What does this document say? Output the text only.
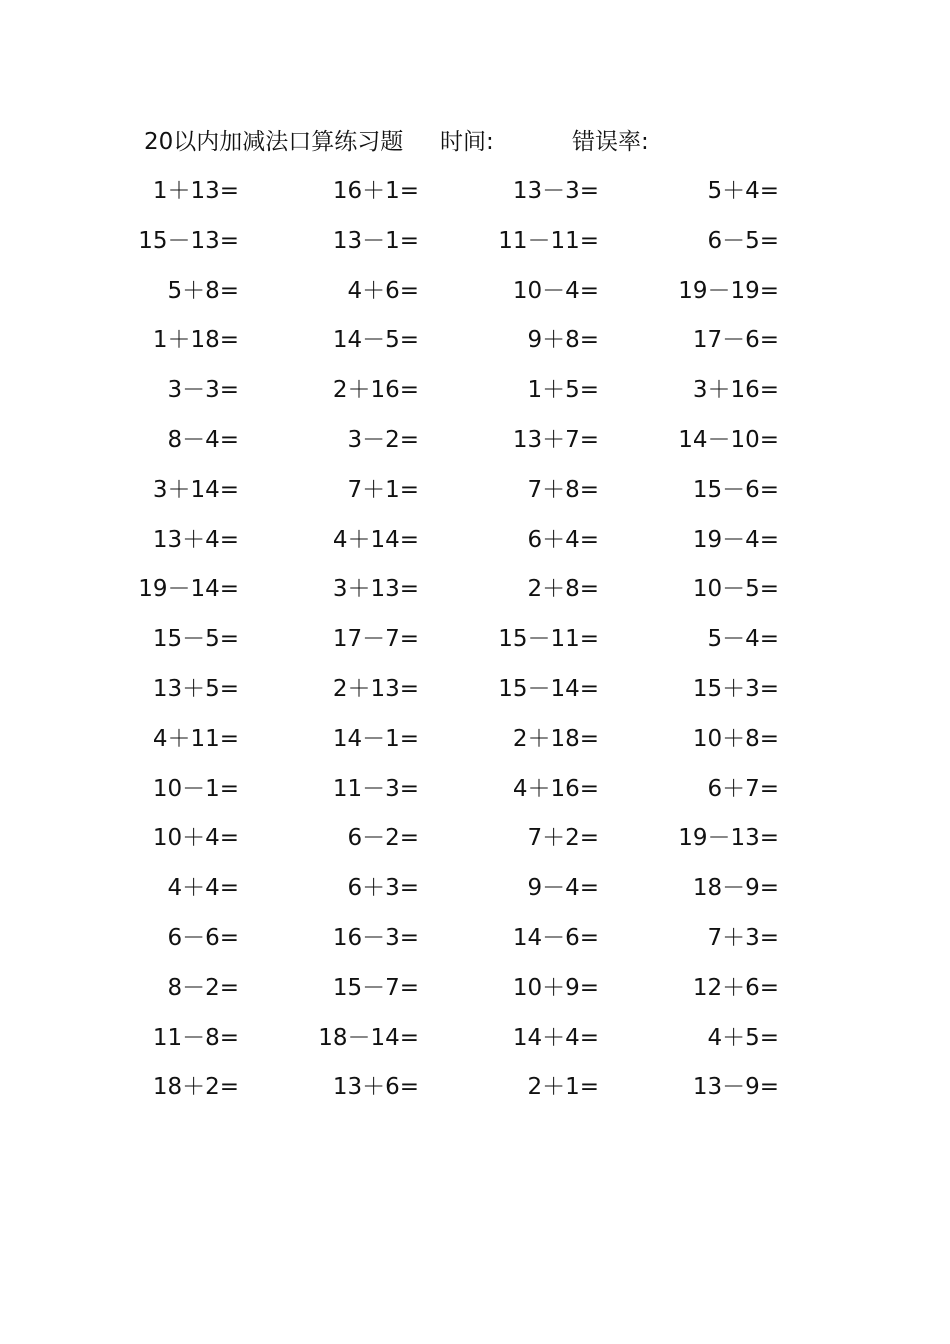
20以内加减法口算练习题 时间:	错误率:
1＋13=	16＋1=	13－3=	5＋4=
15－13=	13－1=	11－11=	6－5=
5＋8=	4＋6=	10－4=	19－19=
1＋18=	14－5=	9＋8=	17－6=
3－3=	2＋16=	1＋5=	3＋16=
8－4=	3－2=	13＋7=	14－10=
3＋14=	7＋1=	7＋8=	15－6=
13＋4=	4＋14=	6＋4=	19－4=
19－14=	3＋13=	2＋8=	10－5=
15－5=	17－7=	15－11=	5－4=
13＋5=	2＋13=	15－14=	15＋3=
4＋11=	14－1=	2＋18=	10＋8=
10－1=	11－3=	4＋16=	6＋7=
10＋4=	6－2=	7＋2=	19－13=
4＋4=	6＋3=	9－4=	18－9=
6－6=	16－3=	14－6=	7＋3=
8－2=	15－7=	10＋9=	12＋6=
11－8=	18－14=	14＋4=	4＋5=
18＋2=	13＋6=	2＋1=	13－9=
